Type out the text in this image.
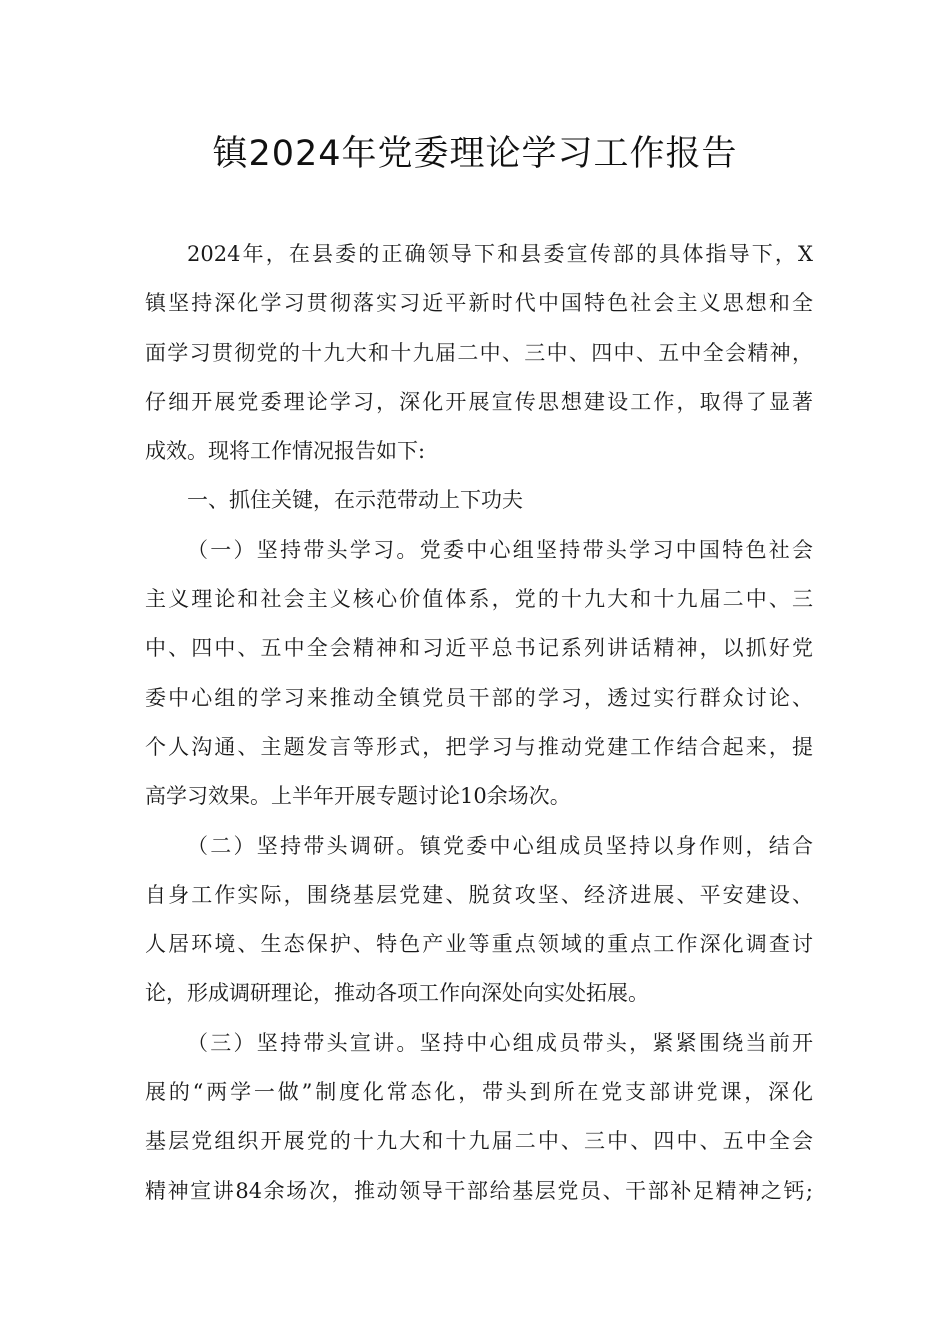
镇2024年党委理论学习工作报告
2024年，在县委的正确领导下和县委宣传部的具体指导下，X
镇坚持深化学习贯彻落实习近平新时代中国特色社会主义思想和全
面学习贯彻党的十九大和十九届二中、三中、四中、五中全会精神，
仔细开展党委理论学习，深化开展宣传思想建设工作，取得了显著
成效。现将工作情况报告如下:
一、抓住关键，在示范带动上下功夫
（一）坚持带头学习。党委中心组坚持带头学习中国特色社会
主义理论和社会主义核心价值体系，党的十九大和十九届二中、三
中、四中、五中全会精神和习近平总书记系列讲话精神，以抓好党
委中心组的学习来推动全镇党员干部的学习，透过实行群众讨论、
个人沟通、主题发言等形式，把学习与推动党建工作结合起来，提
高学习效果。上半年开展专题讨论10余场次。
（二）坚持带头调研。镇党委中心组成员坚持以身作则，结合
自身工作实际，围绕基层党建、脱贫攻坚、经济进展、平安建设、
人居环境、生态保护、特色产业等重点领域的重点工作深化调查讨
论，形成调研理论，推动各项工作向深处向实处拓展。
（三）坚持带头宣讲。坚持中心组成员带头，紧紧围绕当前开
展的“两学一做”制度化常态化，带头到所在党支部讲党课，深化
基层党组织开展党的十九大和十九届二中、三中、四中、五中全会
精神宣讲84余场次，推动领导干部给基层党员、干部补足精神之钙;
